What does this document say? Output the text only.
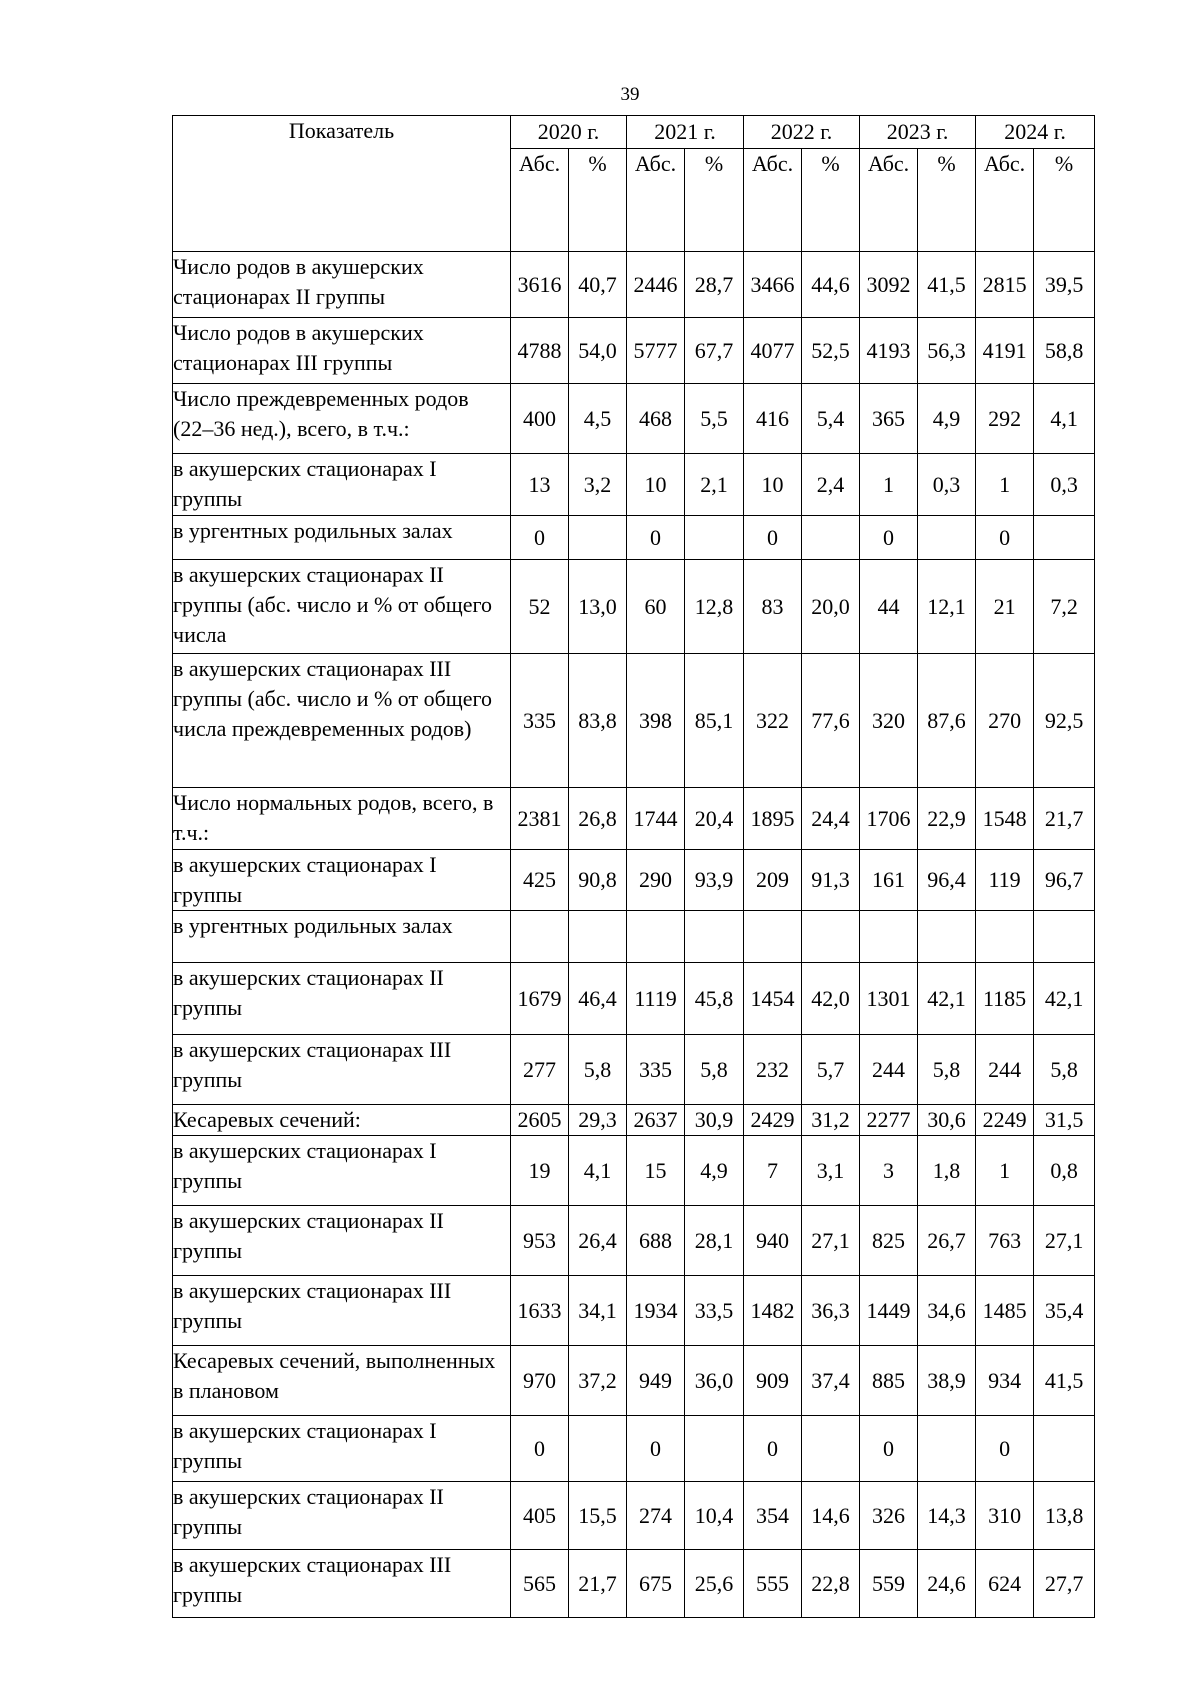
39
Показатель	2020 г.		2021 г.		2022 г.		2023 г.		2024 г.	
	Абс.	%	Абс.	%	Абс.	%	Абс.	%	Абс.	%
Число родов в акушерских стационарах II группы	3616	40,7	2446	28,7	3466	44,6	3092	41,5	2815	39,5
Число родов в акушерских стационарах III группы	4788	54,0	5777	67,7	4077	52,5	4193	56,3	4191	58,8
Число преждевременных родов (22–36 нед.), всего, в т.ч.:	400	4,5	468	5,5	416	5,4	365	4,9	292	4,1
в акушерских стационарах I группы	13	3,2	10	2,1	10	2,4	1	0,3	1	0,3
в ургентных родильных залах	0		0		0		0		0	
в акушерских стационарах II группы (абс. число и % от общего числа	52	13,0	60	12,8	83	20,0	44	12,1	21	7,2
в акушерских стационарах III группы (абс. число и % от общего числа преждевременных родов)	335	83,8	398	85,1	322	77,6	320	87,6	270	92,5
Число нормальных родов, всего, в т.ч.:	2381	26,8	1744	20,4	1895	24,4	1706	22,9	1548	21,7
в акушерских стационарах I группы	425	90,8	290	93,9	209	91,3	161	96,4	119	96,7
в ургентных родильных залах										
в акушерских стационарах II группы	1679	46,4	1119	45,8	1454	42,0	1301	42,1	1185	42,1
в акушерских стационарах III группы	277	5,8	335	5,8	232	5,7	244	5,8	244	5,8
Кесаревых сечений:	2605	29,3	2637	30,9	2429	31,2	2277	30,6	2249	31,5
в акушерских стационарах I группы	19	4,1	15	4,9	7	3,1	3	1,8	1	0,8
в акушерских стационарах II группы	953	26,4	688	28,1	940	27,1	825	26,7	763	27,1
в акушерских стационарах III группы	1633	34,1	1934	33,5	1482	36,3	1449	34,6	1485	35,4
Кесаревых сечений, выполненных в плановом	970	37,2	949	36,0	909	37,4	885	38,9	934	41,5
в акушерских стационарах I группы	0		0		0		0		0	
в акушерских стационарах II группы	405	15,5	274	10,4	354	14,6	326	14,3	310	13,8
в акушерских стационарах III группы	565	21,7	675	25,6	555	22,8	559	24,6	624	27,7
